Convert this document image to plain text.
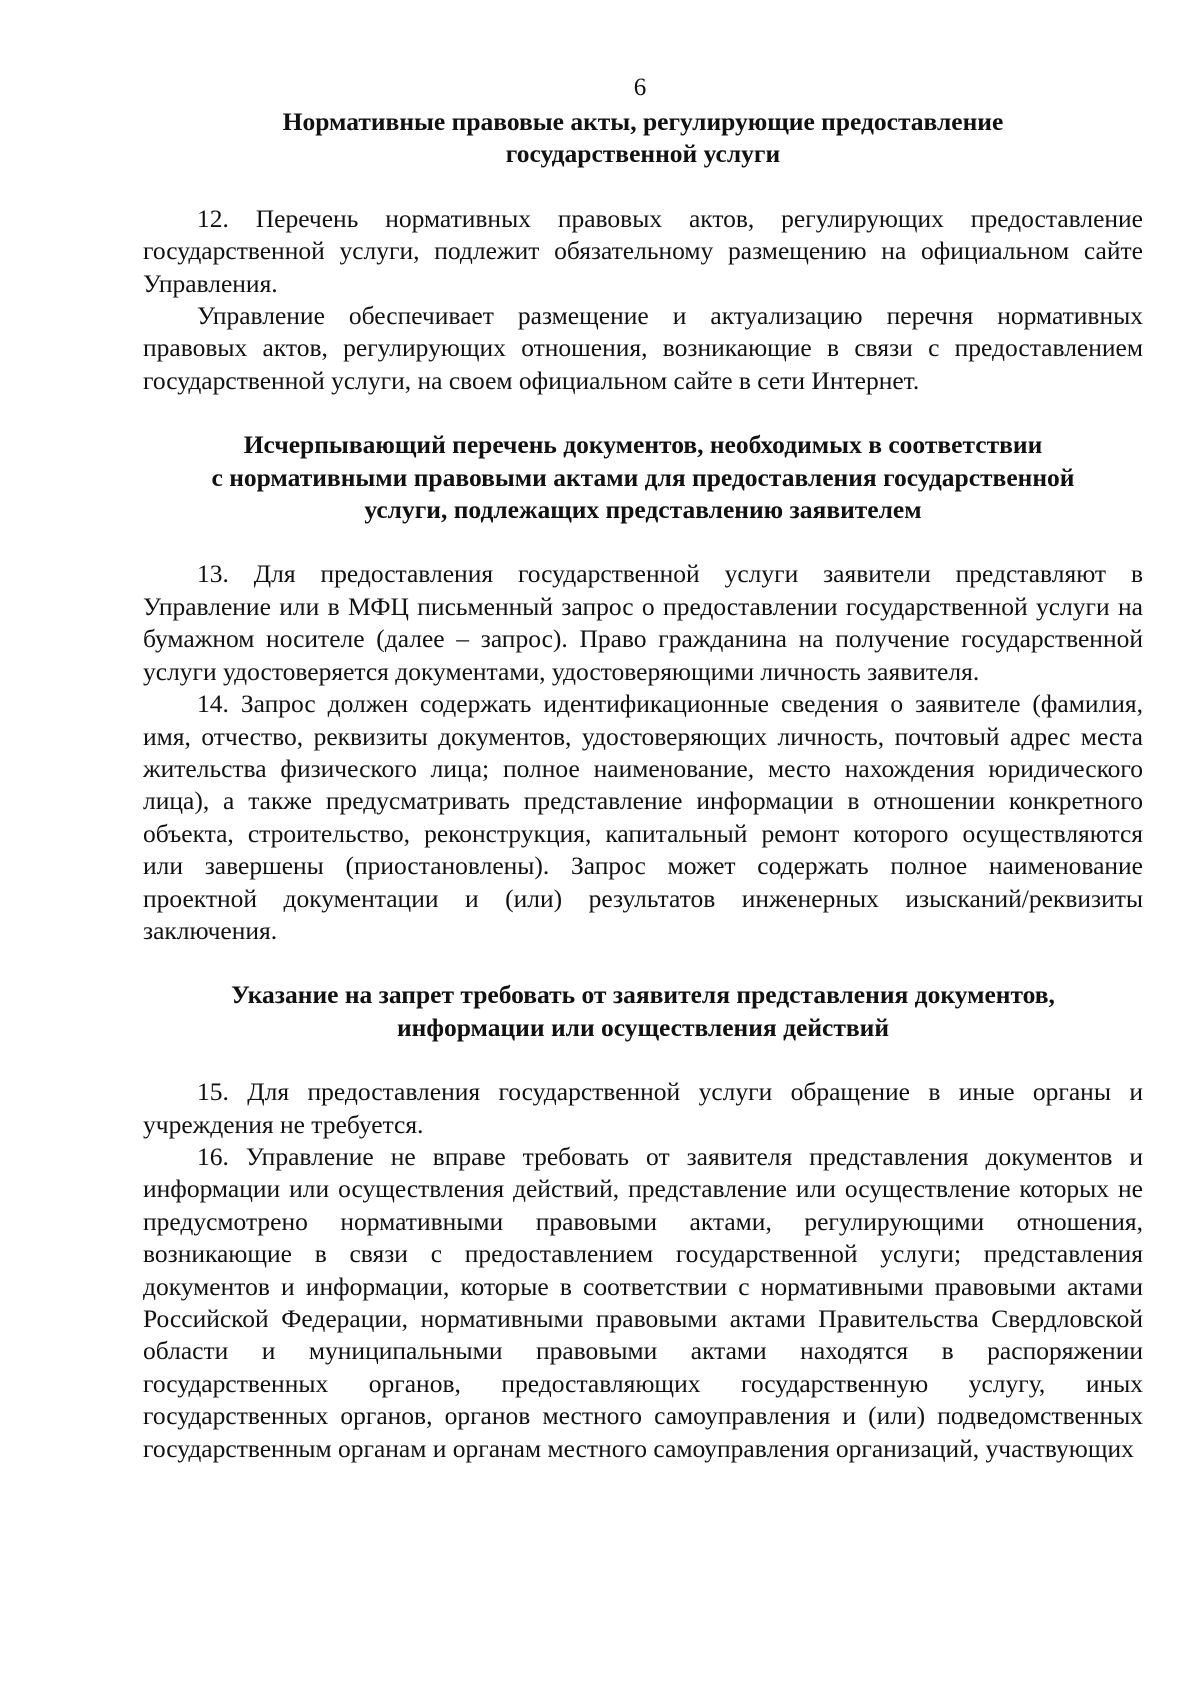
6
Нормативные правовые акты, регулирующие предоставление
государственной услуги

12. Перечень нормативных правовых актов, регулирующих предоставление государственной услуги, подлежит обязательному размещению на официальном сайте Управления.

Управление обеспечивает размещение и актуализацию перечня нормативных правовых актов, регулирующих отношения, возникающие в связи с предоставлением государственной услуги, на своем официальном сайте в сети Интернет.

Исчерпывающий перечень документов, необходимых в соответствии
с нормативными правовыми актами для предоставления государственной
услуги, подлежащих представлению заявителем

13. Для предоставления государственной услуги заявители представляют в Управление или в МФЦ письменный запрос о предоставлении государственной услуги на бумажном носителе (далее – запрос). Право гражданина на получение государственной услуги удостоверяется документами, удостоверяющими личность заявителя.

14. Запрос должен содержать идентификационные сведения о заявителе (фамилия, имя, отчество, реквизиты документов, удостоверяющих личность, почтовый адрес места жительства физического лица; полное наименование, место нахождения юридического лица), а также предусматривать представление информации в отношении конкретного объекта, строительство, реконструкция, капитальный ремонт которого осуществляются или завершены (приостановлены). Запрос может содержать полное наименование проектной документации и (или) результатов инженерных изысканий/реквизиты заключения.

Указание на запрет требовать от заявителя представления документов,
информации или осуществления действий

15. Для предоставления государственной услуги обращение в иные органы и учреждения не требуется.

16. Управление не вправе требовать от заявителя представления документов и информации или осуществления действий, представление или осуществление которых не предусмотрено нормативными правовыми актами, регулирующими отношения, возникающие в связи с предоставлением государственной услуги; представления документов и информации, которые в соответствии с нормативными правовыми актами Российской Федерации, нормативными правовыми актами Правительства Свердловской области и муниципальными правовыми актами находятся в распоряжении государственных органов, предоставляющих государственную услугу, иных государственных органов, органов местного самоуправления и (или) подведомственных государственным органам и органам местного самоуправления организаций, участвующих
